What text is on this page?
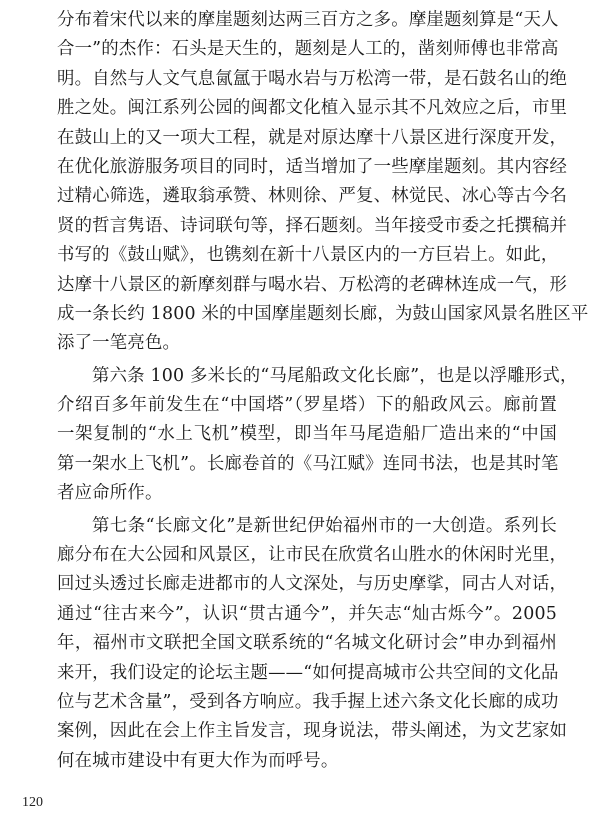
分布着宋代以来的摩崖题刻达两三百方之多。摩崖题刻算是“天人
合一”的杰作：石头是天生的，题刻是人工的，凿刻师傅也非常高
明。自然与人文气息氤氲于喝水岩与万松湾一带，是石鼓名山的绝
胜之处。闽江系列公园的闽都文化植入显示其不凡效应之后，市里
在鼓山上的又一项大工程，就是对原达摩十八景区进行深度开发，
在优化旅游服务项目的同时，适当增加了一些摩崖题刻。其内容经
过精心筛选，遴取翁承赞、林则徐、严复、林觉民、冰心等古今名
贤的哲言隽语、诗词联句等，择石题刻。当年接受市委之托撰稿并
书写的《鼓山赋》，也镌刻在新十八景区内的一方巨岩上。如此，
达摩十八景区的新摩刻群与喝水岩、万松湾的老碑林连成一气，形
成一条长约 1800 米的中国摩崖题刻长廊，为鼓山国家风景名胜区平
添了一笔亮色。
第六条 100 多米长的“马尾船政文化长廊”，也是以浮雕形式，
介绍百多年前发生在“中国塔”（罗星塔）下的船政风云。廊前置
一架复制的“水上飞机”模型，即当年马尾造船厂造出来的“中国
第一架水上飞机”。长廊卷首的《马江赋》连同书法，也是其时笔
者应命所作。
第七条“长廊文化”是新世纪伊始福州市的一大创造。系列长
廊分布在大公园和风景区，让市民在欣赏名山胜水的休闲时光里，
回过头透过长廊走进都市的人文深处，与历史摩挲，同古人对话，
通过“往古来今”，认识“贯古通今”，并矢志“灿古烁今”。2005
年，福州市文联把全国文联系统的“名城文化研讨会”申办到福州
来开，我们设定的论坛主题——“如何提高城市公共空间的文化品
位与艺术含量”，受到各方响应。我手握上述六条文化长廊的成功
案例，因此在会上作主旨发言，现身说法，带头阐述，为文艺家如
何在城市建设中有更大作为而呼号。
120
